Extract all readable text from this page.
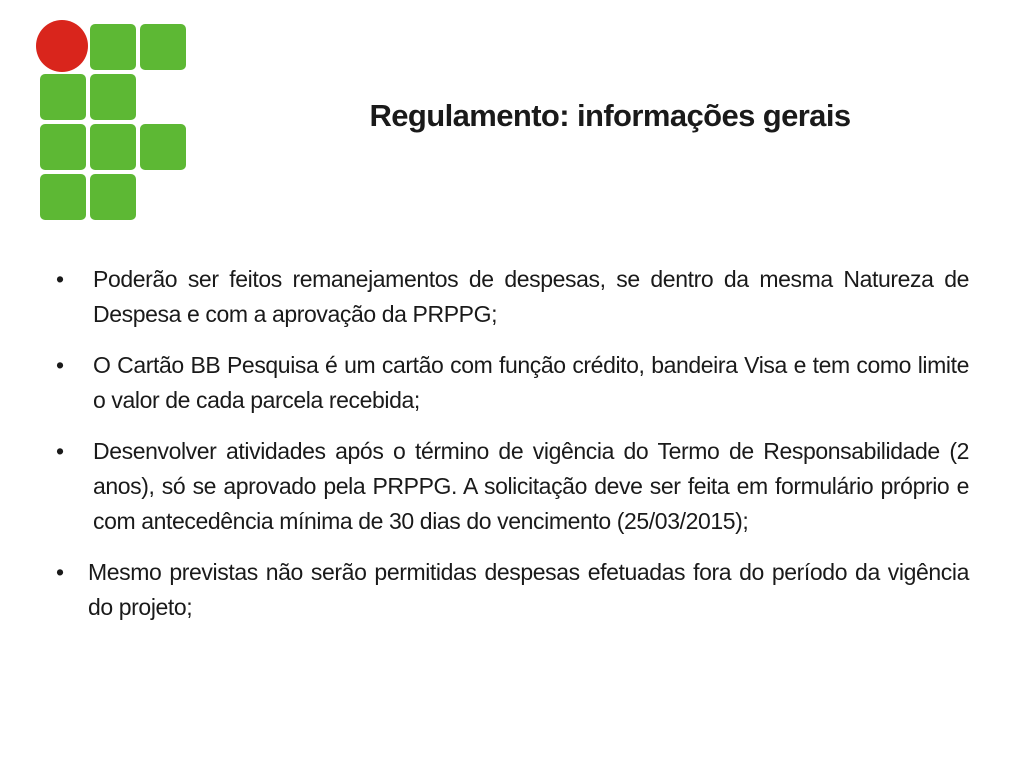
Regulamento: informações gerais
• Poderão ser feitos remanejamentos de despesas, se dentro da mesma Natureza de Despesa e com a aprovação da PRPPG;
• O Cartão BB Pesquisa é um cartão com função crédito, bandeira Visa e tem como limite o valor de cada parcela recebida;
• Desenvolver atividades após o término de vigência do Termo de Responsabilidade (2 anos), só se aprovado pela PRPPG. A solicitação deve ser feita em formulário próprio e com antecedência mínima de 30 dias do vencimento (25/03/2015);
• Mesmo previstas não serão permitidas despesas efetuadas fora do período da vigência do projeto;
